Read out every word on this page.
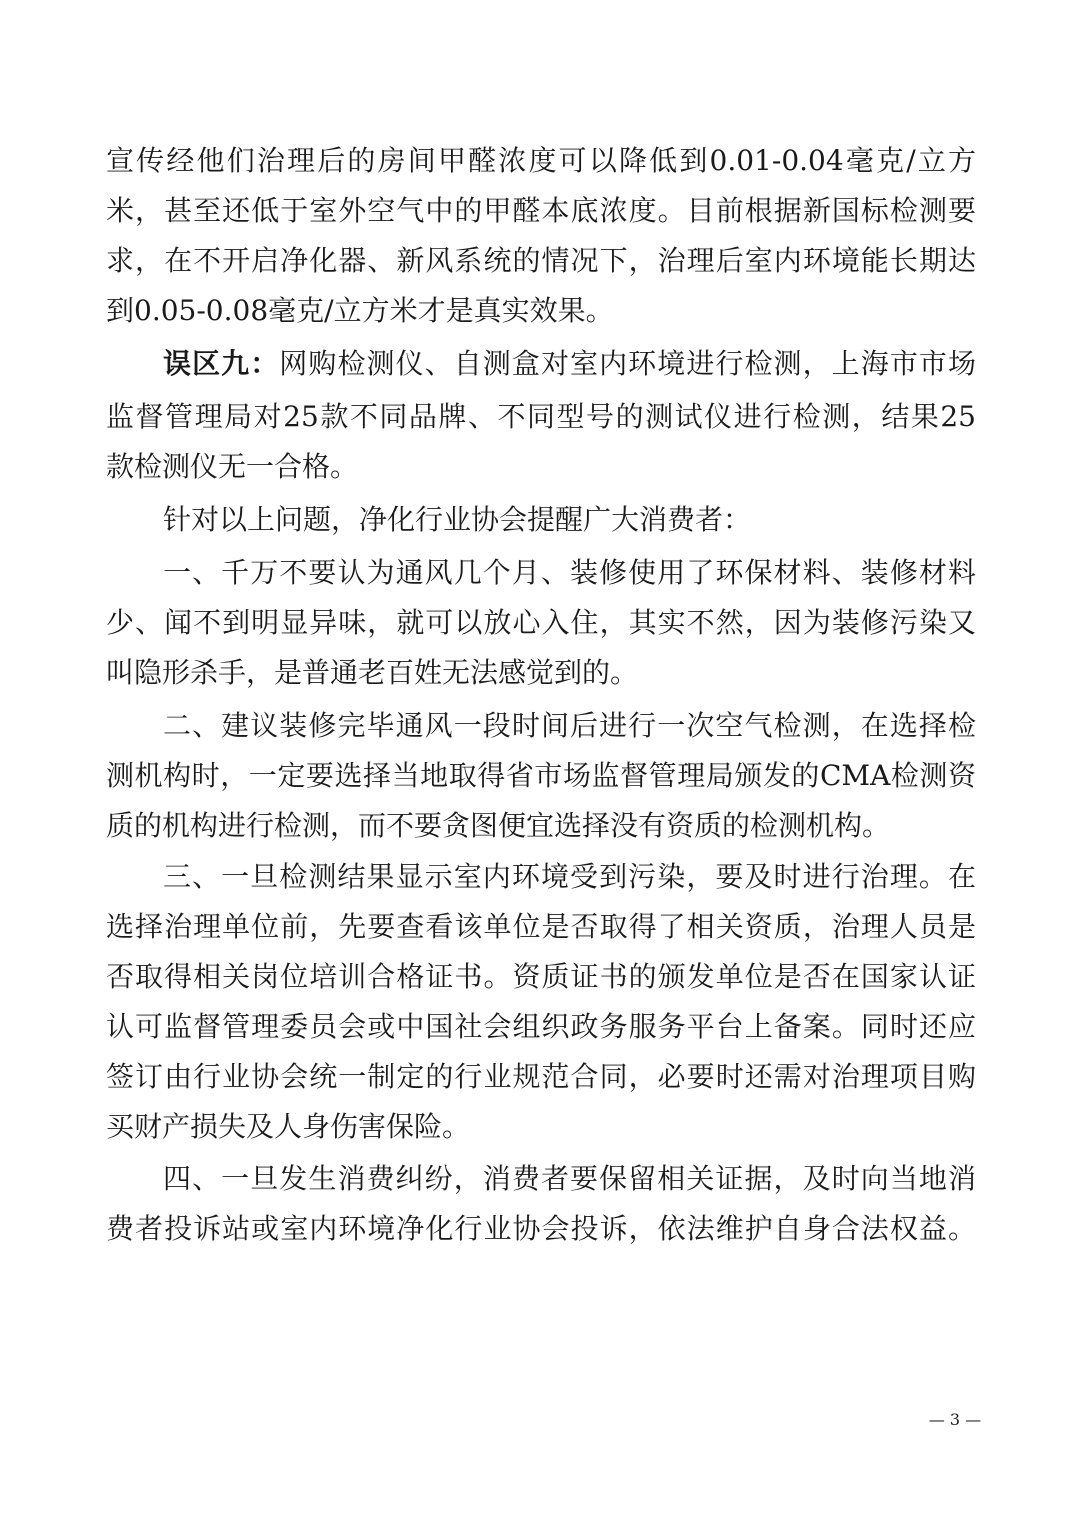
宣传经他们治理后的房间甲醛浓度可以降低到0.01-0.04毫克/立方
米，甚至还低于室外空气中的甲醛本底浓度。目前根据新国标检测要
求，在不开启净化器、新风系统的情况下，治理后室内环境能长期达
到0.05-0.08毫克/立方米才是真实效果。
误区九：网购检测仪、自测盒对室内环境进行检测，上海市市场
监督管理局对25款不同品牌、不同型号的测试仪进行检测，结果25
款检测仪无一合格。
针对以上问题，净化行业协会提醒广大消费者：
一、千万不要认为通风几个月、装修使用了环保材料、装修材料
少、闻不到明显异味，就可以放心入住，其实不然，因为装修污染又
叫隐形杀手，是普通老百姓无法感觉到的。
二、建议装修完毕通风一段时间后进行一次空气检测，在选择检
测机构时，一定要选择当地取得省市场监督管理局颁发的CMA检测资
质的机构进行检测，而不要贪图便宜选择没有资质的检测机构。
三、一旦检测结果显示室内环境受到污染，要及时进行治理。在
选择治理单位前，先要查看该单位是否取得了相关资质，治理人员是
否取得相关岗位培训合格证书。资质证书的颁发单位是否在国家认证
认可监督管理委员会或中国社会组织政务服务平台上备案。同时还应
签订由行业协会统一制定的行业规范合同，必要时还需对治理项目购
买财产损失及人身伤害保险。
四、一旦发生消费纠纷，消费者要保留相关证据，及时向当地消
费者投诉站或室内环境净化行业协会投诉，依法维护自身合法权益。
— 3 —
